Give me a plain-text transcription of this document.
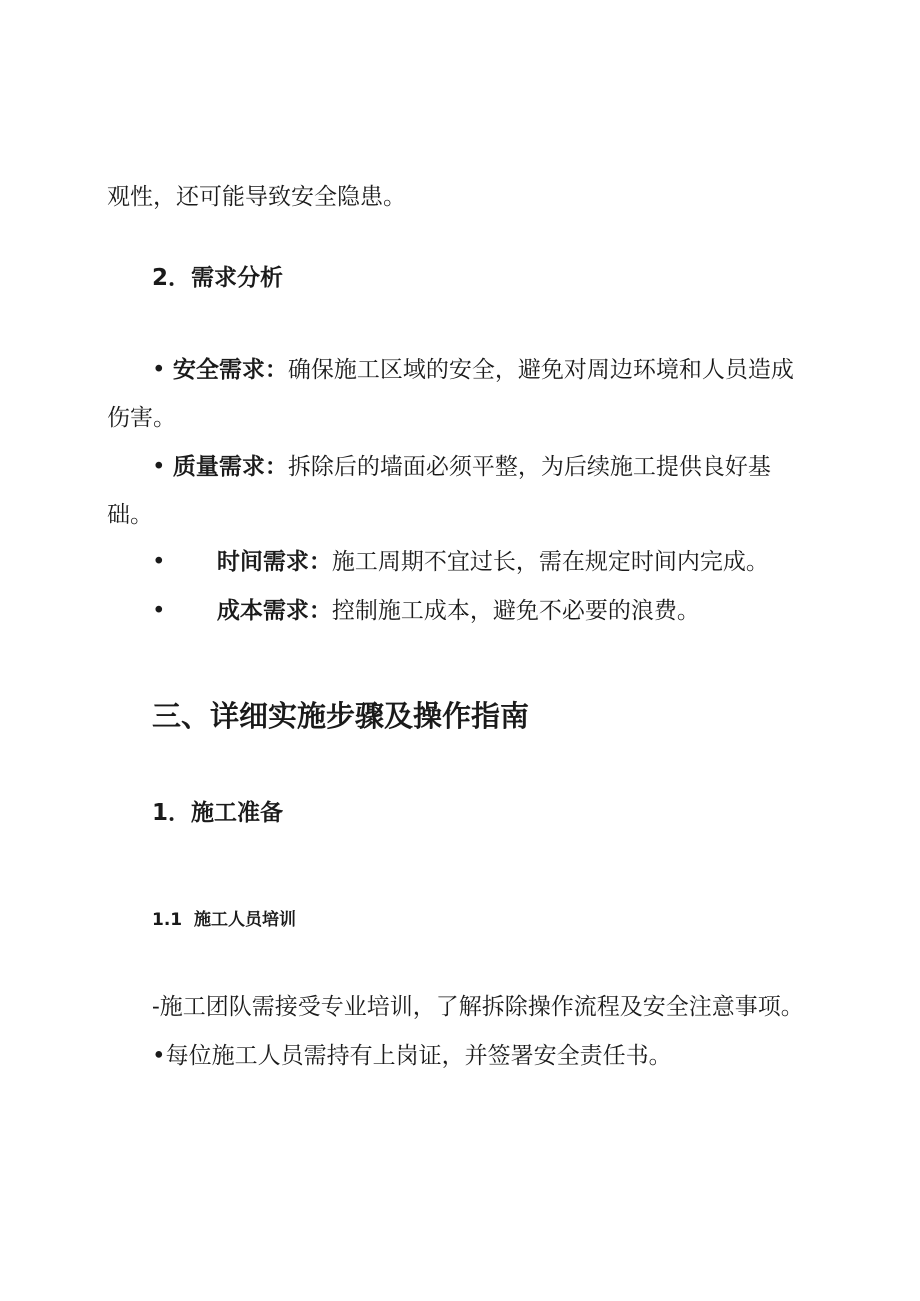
观性，还可能导致安全隐患。
2．需求分析
• 安全需求：确保施工区域的安全，避免对周边环境和人员造成
伤害。
• 质量需求：拆除后的墙面必须平整，为后续施工提供良好基
础。
• 时间需求：施工周期不宜过长，需在规定时间内完成。
• 成本需求：控制施工成本，避免不必要的浪费。
三、详细实施步骤及操作指南
1．施工准备
1.1  施工人员培训
-施工团队需接受专业培训，了解拆除操作流程及安全注意事项。
•每位施工人员需持有上岗证，并签署安全责任书。
